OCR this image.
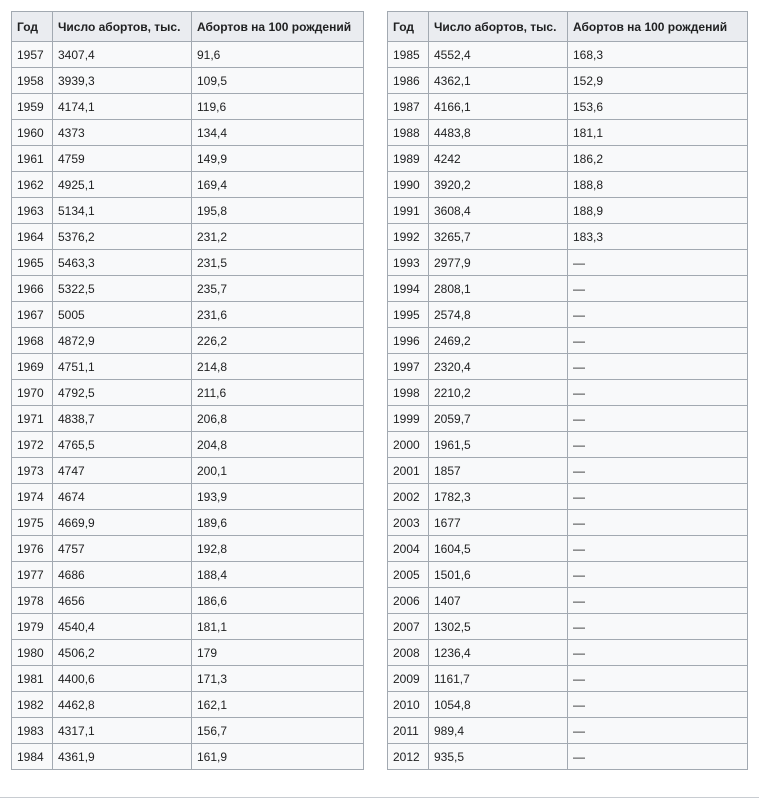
Год	Число абортов, тыс.	Абортов на 100 рождений
1957	3407,4	91,6
1958	3939,3	109,5
1959	4174,1	119,6
1960	4373	134,4
1961	4759	149,9
1962	4925,1	169,4
1963	5134,1	195,8
1964	5376,2	231,2
1965	5463,3	231,5
1966	5322,5	235,7
1967	5005	231,6
1968	4872,9	226,2
1969	4751,1	214,8
1970	4792,5	211,6
1971	4838,7	206,8
1972	4765,5	204,8
1973	4747	200,1
1974	4674	193,9
1975	4669,9	189,6
1976	4757	192,8
1977	4686	188,4
1978	4656	186,6
1979	4540,4	181,1
1980	4506,2	179
1981	4400,6	171,3
1982	4462,8	162,1
1983	4317,1	156,7
1984	4361,9	161,9
Год	Число абортов, тыс.	Абортов на 100 рождений
1985	4552,4	168,3
1986	4362,1	152,9
1987	4166,1	153,6
1988	4483,8	181,1
1989	4242	186,2
1990	3920,2	188,8
1991	3608,4	188,9
1992	3265,7	183,3
1993	2977,9	—
1994	2808,1	—
1995	2574,8	—
1996	2469,2	—
1997	2320,4	—
1998	2210,2	—
1999	2059,7	—
2000	1961,5	—
2001	1857	—
2002	1782,3	—
2003	1677	—
2004	1604,5	—
2005	1501,6	—
2006	1407	—
2007	1302,5	—
2008	1236,4	—
2009	1161,7	—
2010	1054,8	—
2011	989,4	—
2012	935,5	—
